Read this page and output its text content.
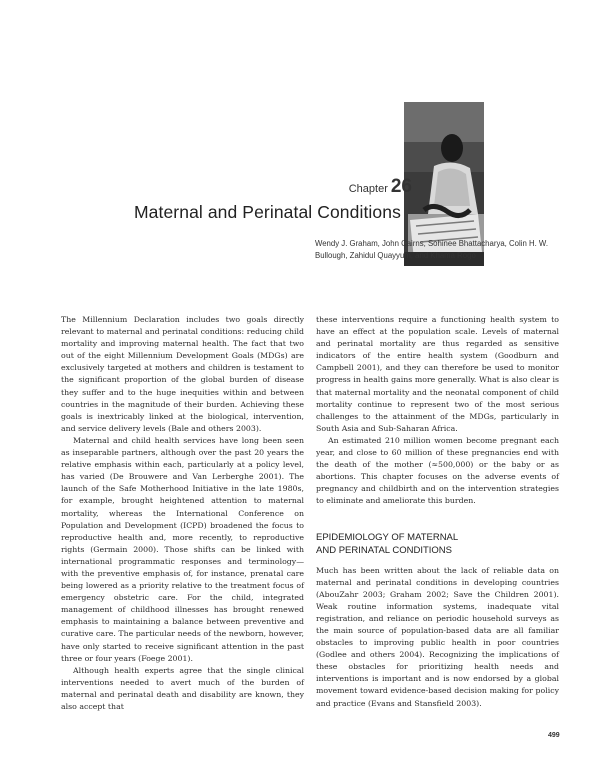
Chapter 26
Maternal and Perinatal Conditions
Wendy J. Graham, John Cairns, Sohinee Bhattacharya, Colin H. W.
Bullough, Zahidul Quayyum, and Khama Rogo

The Millennium Declaration includes two goals directly relevant to maternal and perinatal conditions: reducing child mortality and improving maternal health. The fact that two out of the eight Millennium Development Goals (MDGs) are exclusively targeted at mothers and children is testament to the significant proportion of the global burden of disease they suffer and to the huge inequities within and between countries in the magnitude of their burden. Achieving these goals is inextricably linked at the biological, intervention, and service delivery levels (Bale and others 2003).

Maternal and child health services have long been seen as inseparable partners, although over the past 20 years the relative emphasis within each, particularly at a policy level, has varied (De Brouwere and Van Lerberghe 2001). The launch of the Safe Motherhood Initiative in the late 1980s, for example, brought heightened attention to maternal mortality, whereas the International Conference on Population and Development (ICPD) broadened the focus to reproductive health and, more recently, to reproductive rights (Germain 2000). Those shifts can be linked with international programmatic responses and terminology—with the preventive emphasis of, for instance, prenatal care being lowered as a priority relative to the treatment focus of emergency obstetric care. For the child, integrated management of childhood illnesses has brought renewed emphasis to maintaining a balance between preventive and curative care. The particular needs of the newborn, however, have only started to receive significant attention in the past three or four years (Foege 2001).

Although health experts agree that the single clinical interventions needed to avert much of the burden of maternal and perinatal death and disability are known, they also accept that

these interventions require a functioning health system to have an effect at the population scale. Levels of maternal and perinatal mortality are thus regarded as sensitive indicators of the entire health system (Goodburn and Campbell 2001), and they can therefore be used to monitor progress in health gains more generally. What is also clear is that maternal mortality and the neonatal component of child mortality continue to represent two of the most serious challenges to the attainment of the MDGs, particularly in South Asia and Sub-Saharan Africa.

An estimated 210 million women become pregnant each year, and close to 60 million of these pregnancies end with the death of the mother (≈500,000) or the baby or as abortions. This chapter focuses on the adverse events of pregnancy and childbirth and on the intervention strategies to eliminate and ameliorate this burden.

EPIDEMIOLOGY OF MATERNAL
AND PERINATAL CONDITIONS

Much has been written about the lack of reliable data on maternal and perinatal conditions in developing countries (AbouZahr 2003; Graham 2002; Save the Children 2001). Weak routine information systems, inadequate vital registration, and reliance on periodic household surveys as the main source of population-based data are all familiar obstacles to improving public health in poor countries (Godlee and others 2004). Recognizing the implications of these obstacles for prioritizing health needs and interventions is important and is now endorsed by a global movement toward evidence-based decision making for policy and practice (Evans and Stansfield 2003).

499
